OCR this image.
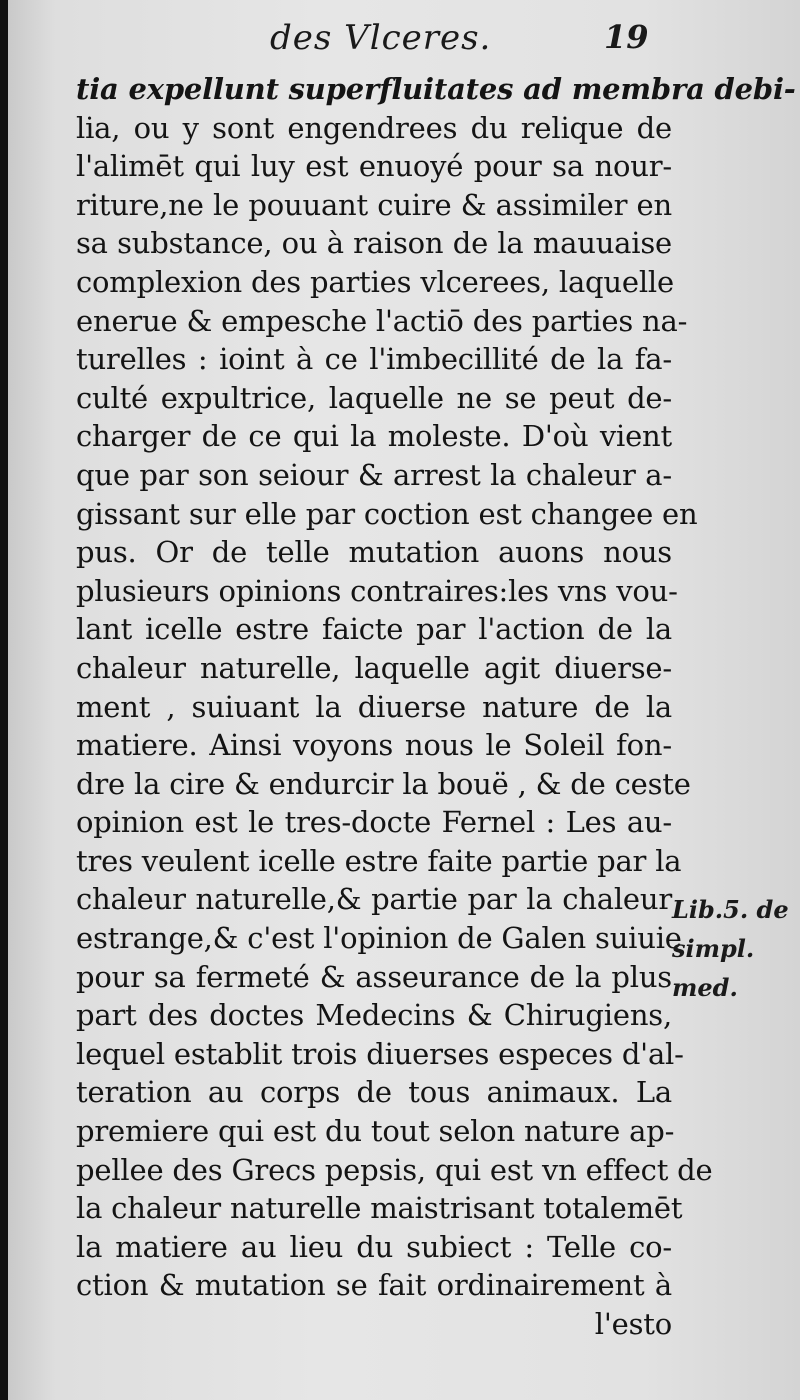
des Vlceres.	19
tia expellunt superfluitates ad membra debi-
lia, ou y sont engendrees du relique de
l'alimēt qui luy est enuoyé pour sa nour-
riture,ne le pouuant cuire & assimiler en
sa substance, ou à raison de la mauuaise
complexion des parties vlcerees, laquelle
enerue & empesche l'actiō des parties na-
turelles : ioint à ce l'imbecillité de la fa-
culté expultrice, laquelle ne se peut de-
charger de ce qui la moleste. D'où vient
que par son seiour & arrest la chaleur a-
gissant sur elle par coction est changee en
pus. Or de telle mutation auons nous
plusieurs opinions contraires:les vns vou-
lant icelle estre faicte par l'action de la
chaleur naturelle, laquelle agit diuerse-
ment , suiuant la diuerse nature de la
matiere. Ainsi voyons nous le Soleil fon-
dre la cire & endurcir la bouë , & de ceste
opinion est le tres-docte Fernel : Les au-
tres veulent icelle estre faite partie par la
chaleur naturelle,& partie par la chaleur
estrange,& c'est l'opinion de Galen suiuie
pour sa fermeté & asseurance de la plus
part des doctes Medecins & Chirugiens,
lequel establit trois diuerses especes d'al-
teration au corps de tous animaux. La
premiere qui est du tout selon nature ap-
pellee des Grecs pepsis, qui est vn effect de
la chaleur naturelle maistrisant totalemēt
la matiere au lieu du subiect : Telle co-
ction & mutation se fait ordinairement à
l'esto
Lib.5. de
simpl.
med.
